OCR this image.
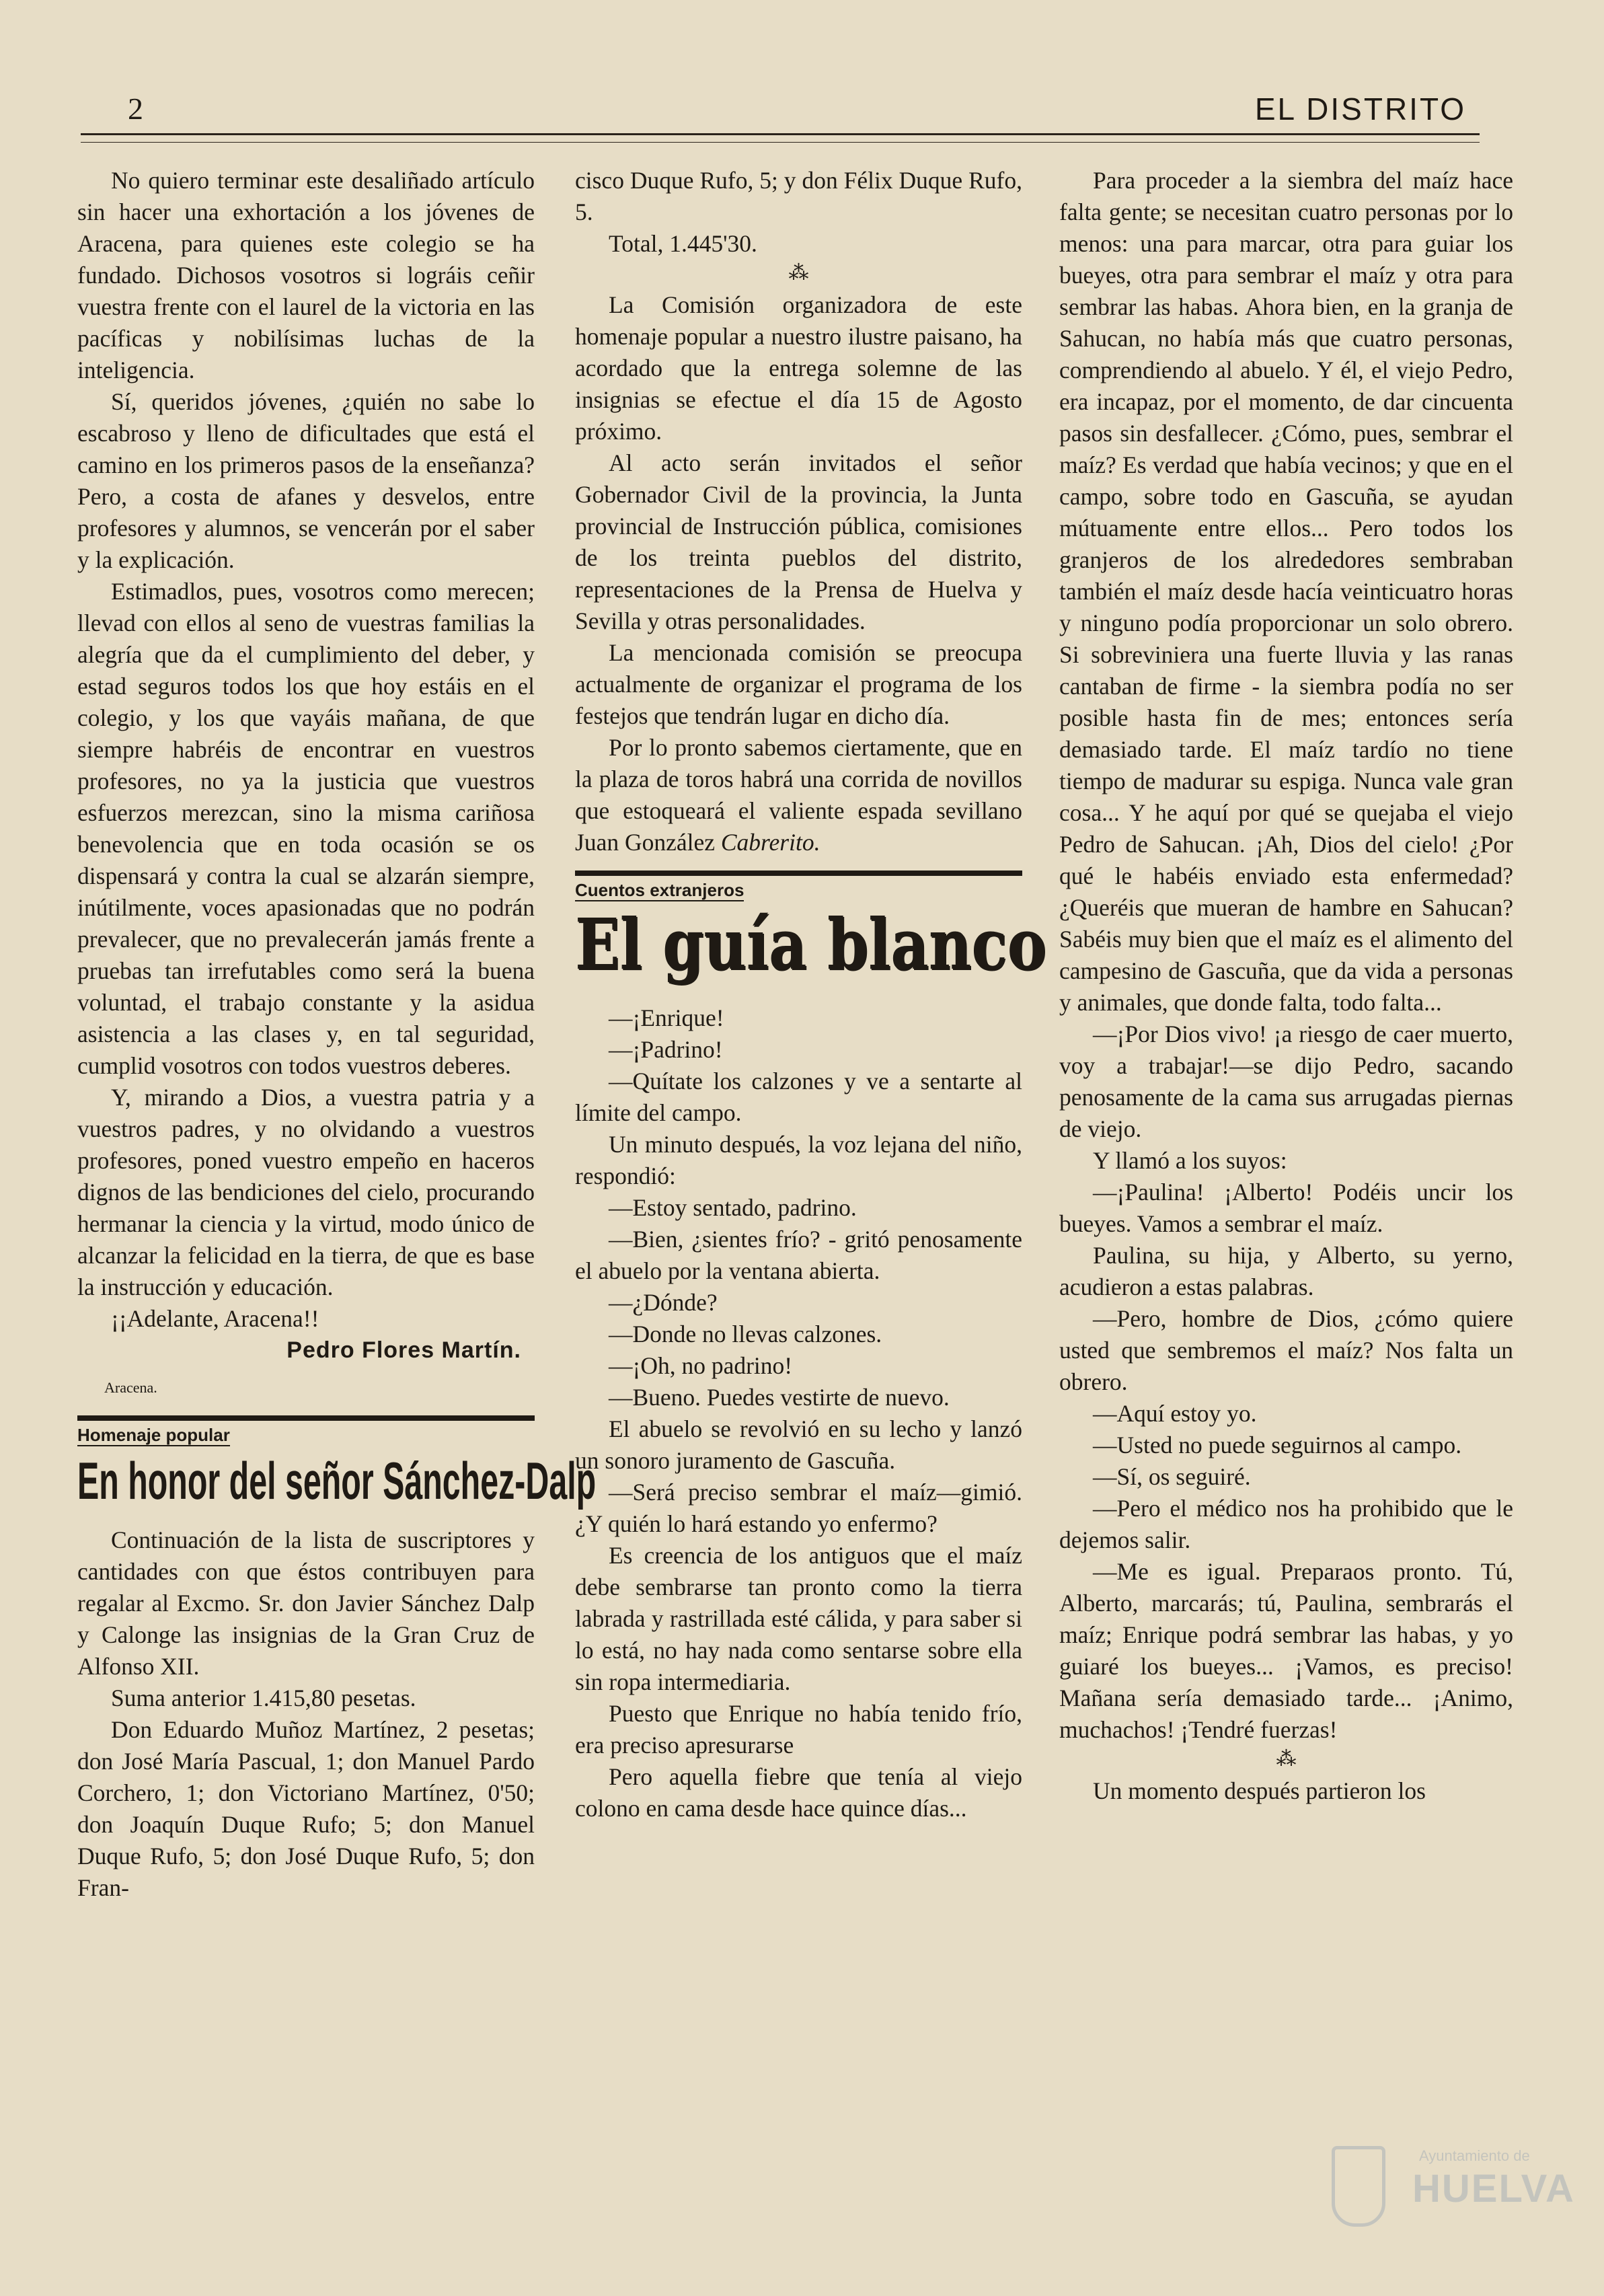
2	EL DISTRITO

No quiero terminar este desaliñado artículo sin hacer una exhortación a los jóvenes de Aracena, para quienes este colegio se ha fundado. Dichosos vosotros si lográis ceñir vuestra frente con el laurel de la victoria en las pacíficas y nobilísimas luchas de la inteligencia.

Sí, queridos jóvenes, ¿quién no sabe lo escabroso y lleno de dificultades que está el camino en los primeros pasos de la enseñanza? Pero, a costa de afanes y desvelos, entre profesores y alumnos, se vencerán por el saber y la explicación.

Estimadlos, pues, vosotros como merecen; llevad con ellos al seno de vuestras familias la alegría que da el cumplimiento del deber, y estad seguros todos los que hoy estáis en el colegio, y los que vayáis mañana, de que siempre habréis de encontrar en vuestros profesores, no ya la justicia que vuestros esfuerzos merezcan, sino la misma cariñosa benevolencia que en toda ocasión se os dispensará y contra la cual se alzarán siempre, inútilmente, voces apasionadas que no podrán prevalecer, que no prevalecerán jamás frente a pruebas tan irrefutables como será la buena voluntad, el trabajo constante y la asidua asistencia a las clases y, en tal seguridad, cumplid vosotros con todos vuestros deberes.

Y, mirando a Dios, a vuestra patria y a vuestros padres, y no olvidando a vuestros profesores, poned vuestro empeño en haceros dignos de las bendiciones del cielo, procurando hermanar la ciencia y la virtud, modo único de alcanzar la felicidad en la tierra, de que es base la instrucción y educación.

¡¡Adelante, Aracena!!

Pedro Flores Martín.
Aracena.
Homenaje popular
En honor del señor Sánchez-Dalp

Continuación de la lista de suscriptores y cantidades con que éstos contribuyen para regalar al Excmo. Sr. don Javier Sánchez Dalp y Calonge las insignias de la Gran Cruz de Alfonso XII.

Suma anterior 1.415,80 pesetas.

Don Eduardo Muñoz Martínez, 2 pesetas; don José María Pascual, 1; don Manuel Pardo Corchero, 1; don Victoriano Martínez, 0'50; don Joaquín Duque Rufo; 5; don Manuel Duque Rufo, 5; don José Duque Rufo, 5; don Fran-

cisco Duque Rufo, 5; y don Félix Duque Rufo, 5.

Total, 1.445'30.

⁂

La Comisión organizadora de este homenaje popular a nuestro ilustre paisano, ha acordado que la entrega solemne de las insignias se efectue el día 15 de Agosto próximo.

Al acto serán invitados el señor Gobernador Civil de la provincia, la Junta provincial de Instrucción pública, comisiones de los treinta pueblos del distrito, representaciones de la Prensa de Huelva y Sevilla y otras personalidades.

La mencionada comisión se preocupa actualmente de organizar el programa de los festejos que tendrán lugar en dicho día.

Por lo pronto sabemos ciertamente, que en la plaza de toros habrá una corrida de novillos que estoqueará el valiente espada sevillano Juan González Cabrerito.

Cuentos extranjeros
El guía blanco

—¡Enrique!

—¡Padrino!

—Quítate los calzones y ve a sentarte al límite del campo.

Un minuto después, la voz lejana del niño, respondió:

—Estoy sentado, padrino.

—Bien, ¿sientes frío? - gritó penosamente el abuelo por la ventana abierta.

—¿Dónde?

—Donde no llevas calzones.

—¡Oh, no padrino!

—Bueno. Puedes vestirte de nuevo.

El abuelo se revolvió en su lecho y lanzó un sonoro juramento de Gascuña.

—Será preciso sembrar el maíz—gimió. ¿Y quién lo hará estando yo enfermo?

Es creencia de los antiguos que el maíz debe sembrarse tan pronto como la tierra labrada y rastrillada esté cálida, y para saber si lo está, no hay nada como sentarse sobre ella sin ropa intermediaria.

Puesto que Enrique no había tenido frío, era preciso apresurarse

Pero aquella fiebre que tenía al viejo colono en cama desde hace quince días...

Para proceder a la siembra del maíz hace falta gente; se necesitan cuatro personas por lo menos: una para marcar, otra para guiar los bueyes, otra para sembrar el maíz y otra para sembrar las habas. Ahora bien, en la granja de Sahucan, no había más que cuatro personas, comprendiendo al abuelo. Y él, el viejo Pedro, era incapaz, por el momento, de dar cincuenta pasos sin desfallecer. ¿Cómo, pues, sembrar el maíz? Es verdad que había vecinos; y que en el campo, sobre todo en Gascuña, se ayudan mútuamente entre ellos... Pero todos los granjeros de los alrededores sembraban también el maíz desde hacía veinticuatro horas y ninguno podía proporcionar un solo obrero. Si sobreviniera una fuerte lluvia y las ranas cantaban de firme - la siembra podía no ser posible hasta fin de mes; entonces sería demasiado tarde. El maíz tardío no tiene tiempo de madurar su espiga. Nunca vale gran cosa... Y he aquí por qué se quejaba el viejo Pedro de Sahucan. ¡Ah, Dios del cielo! ¿Por qué le habéis enviado esta enfermedad? ¿Queréis que mueran de hambre en Sahucan? Sabéis muy bien que el maíz es el alimento del campesino de Gascuña, que da vida a personas y animales, que donde falta, todo falta...

—¡Por Dios vivo! ¡a riesgo de caer muerto, voy a trabajar!—se dijo Pedro, sacando penosamente de la cama sus arrugadas piernas de viejo.

Y llamó a los suyos:

—¡Paulina! ¡Alberto! Podéis uncir los bueyes. Vamos a sembrar el maíz.

Paulina, su hija, y Alberto, su yerno, acudieron a estas palabras.

—Pero, hombre de Dios, ¿cómo quiere usted que sembremos el maíz? Nos falta un obrero.

—Aquí estoy yo.

—Usted no puede seguirnos al campo.

—Sí, os seguiré.

—Pero el médico nos ha prohibido que le dejemos salir.

—Me es igual. Preparaos pronto. Tú, Alberto, marcarás; tú, Paulina, sembrarás el maíz; Enrique podrá sembrar las habas, y yo guiaré los bueyes... ¡Vamos, es preciso! Mañana sería demasiado tarde... ¡Animo, muchachos! ¡Tendré fuerzas!

⁂

Un momento después partieron los

Ayuntamiento de
HUELVA
